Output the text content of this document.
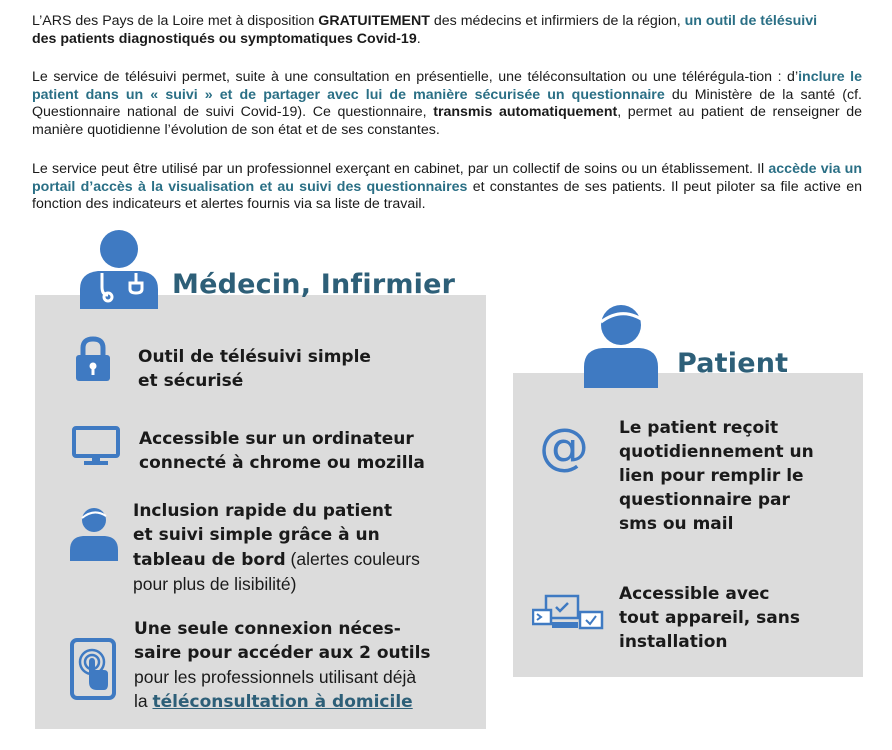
L’ARS des Pays de la Loire met à disposition GRATUITEMENT des médecins et infirmiers de la région, un outil de télésuivi
des patients diagnostiqués ou symptomatiques Covid-19.
Le service de télésuivi permet, suite à une consultation en présentielle, une téléconsultation ou une télérégula-tion : d’inclure le patient dans un « suivi » et de partager avec lui de manière sécurisée un questionnaire du Ministère de la santé (cf. Questionnaire national de suivi Covid-19). Ce questionnaire, transmis automatiquement, permet au patient de renseigner de manière quotidienne l’évolution de son état et de ses constantes.
Le service peut être utilisé par un professionnel exerçant en cabinet, par un collectif de soins ou un établissement. Il accède via un portail d’accès à la visualisation et au suivi des questionnaires et constantes de ses patients. Il peut piloter sa file active en fonction des indicateurs et alertes fournis via sa liste de travail.
Médecin, Infirmier
Outil de télésuivi simple
et sécurisé
Accessible sur un ordinateur
connecté à chrome ou mozilla
Inclusion rapide du patient
et suivi simple grâce à un
tableau de bord (alertes couleurs
pour plus de lisibilité)
Une seule connexion néces-
saire pour accéder aux 2 outils
pour les professionnels utilisant déjà
la téléconsultation à domicile
Patient
@ Le patient reçoit
quotidiennement un
lien pour remplir le
questionnaire par
sms ou mail
Accessible avec
tout appareil, sans
installation
